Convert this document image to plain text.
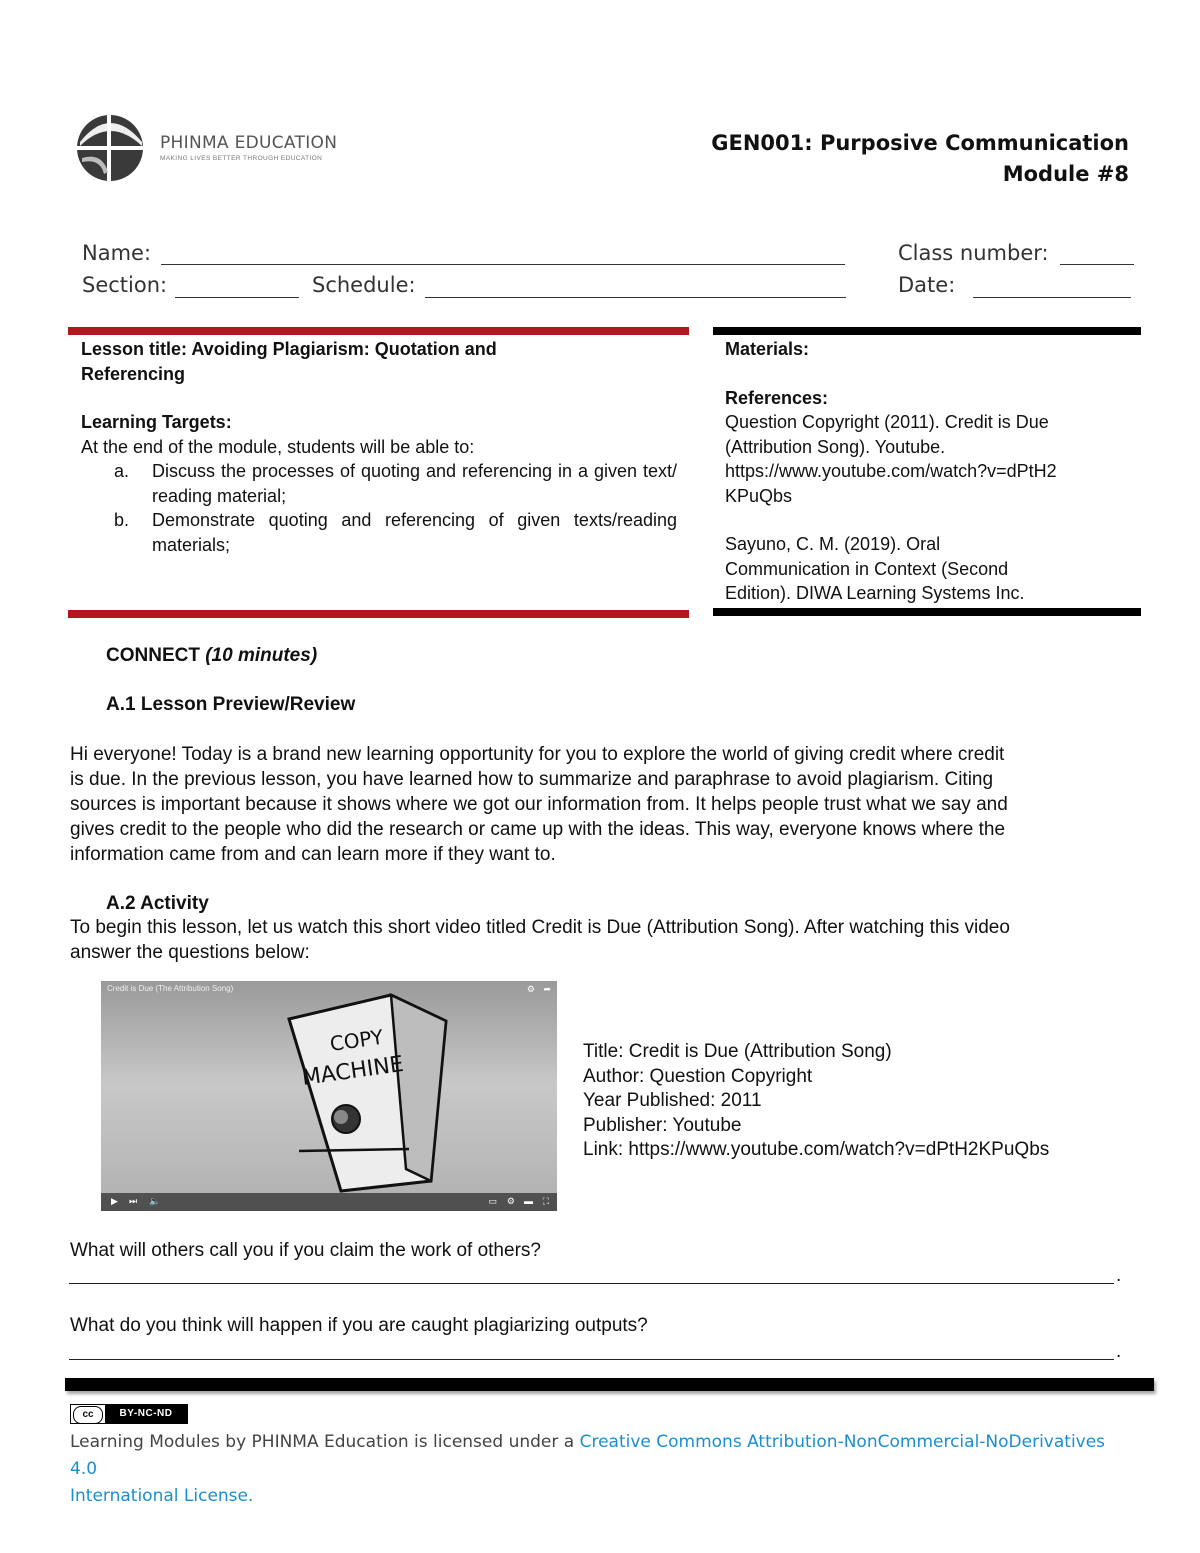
PHINMA EDUCATION
MAKING LIVES BETTER THROUGH EDUCATION
GEN001: Purposive Communication
Module #8
Name:	Class number:
Section:	Schedule:	Date:
Lesson title: Avoiding Plagiarism: Quotation and
Referencing
Learning Targets:
At the end of the module, students will be able to:
a. Discuss the processes of quoting and referencing in a given text/ reading material;
b. Demonstrate quoting and referencing of given texts/reading materials;
Materials:
References:
Question Copyright (2011). Credit is Due
(Attribution Song). Youtube.
https://www.youtube.com/watch?v=dPtH2
KPuQbs
Sayuno, C. M. (2019). Oral
Communication in Context (Second
Edition). DIWA Learning Systems Inc.
CONNECT (10 minutes)
A.1 Lesson Preview/Review
Hi everyone! Today is a brand new learning opportunity for you to explore the world of giving credit where credit
is due. In the previous lesson, you have learned how to summarize and paraphrase to avoid plagiarism. Citing
sources is important because it shows where we got our information from. It helps people trust what we say and
gives credit to the people who did the research or came up with the ideas. This way, everyone knows where the
information came from and can learn more if they want to.
A.2 Activity
To begin this lesson, let us watch this short video titled Credit is Due (Attribution Song). After watching this video
answer the questions below:
Credit is Due (The Attribution Song)	⚙ ➦
COPY
MACHINE
▶ ⏭ 🔈	▭ ⚙ ▬ ⛶
Title: Credit is Due (Attribution Song)
Author: Question Copyright
Year Published: 2011
Publisher: Youtube
Link: https://www.youtube.com/watch?v=dPtH2KPuQbs
What will others call you if you claim the work of others?
.
What do you think will happen if you are caught plagiarizing outputs?
.
cc	BY-NC-ND
Learning Modules by PHINMA Education is licensed under a Creative Commons Attribution-NonCommercial-NoDerivatives 4.0
International License.
